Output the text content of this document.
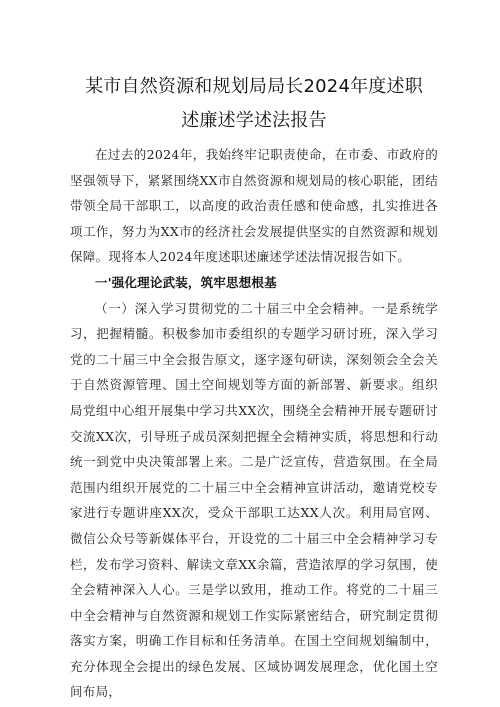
某市自然资源和规划局局长2024年度述职
述廉述学述法报告

在过去的2024年，我始终牢记职责使命，在市委、市政府的坚强领导下，紧紧围绕XX市自然资源和规划局的核心职能，团结带领全局干部职工，以高度的政治责任感和使命感，扎实推进各项工作，努力为XX市的经济社会发展提供坚实的自然资源和规划保障。现将本人2024年度述职述廉述学述法情况报告如下。

一'强化理论武装，筑牢思想根基

（一）深入学习贯彻党的二十届三中全会精神。一是系统学习，把握精髓。积极参加市委组织的专题学习研讨班，深入学习党的二十届三中全会报告原文，逐字逐句研读，深刻领会全会关于自然资源管理、国土空间规划等方面的新部署、新要求。组织局党组中心组开展集中学习共XX次，围绕全会精神开展专题研讨交流XX次，引导班子成员深刻把握全会精神实质，将思想和行动统一到党中央决策部署上来。二是广泛宣传，营造氛围。在全局范围内组织开展党的二十届三中全会精神宣讲活动，邀请党校专家进行专题讲座XX次，受众干部职工达XX人次。利用局官网、微信公众号等新媒体平台，开设党的二十届三中全会精神学习专栏，发布学习资料、解读文章XX余篇，营造浓厚的学习氛围，使全会精神深入人心。三是学以致用，推动工作。将党的二十届三中全会精神与自然资源和规划工作实际紧密结合，研究制定贯彻落实方案，明确工作目标和任务清单。在国土空间规划编制中，充分体现全会提出的绿色发展、区域协调发展理念，优化国土空间布局，
